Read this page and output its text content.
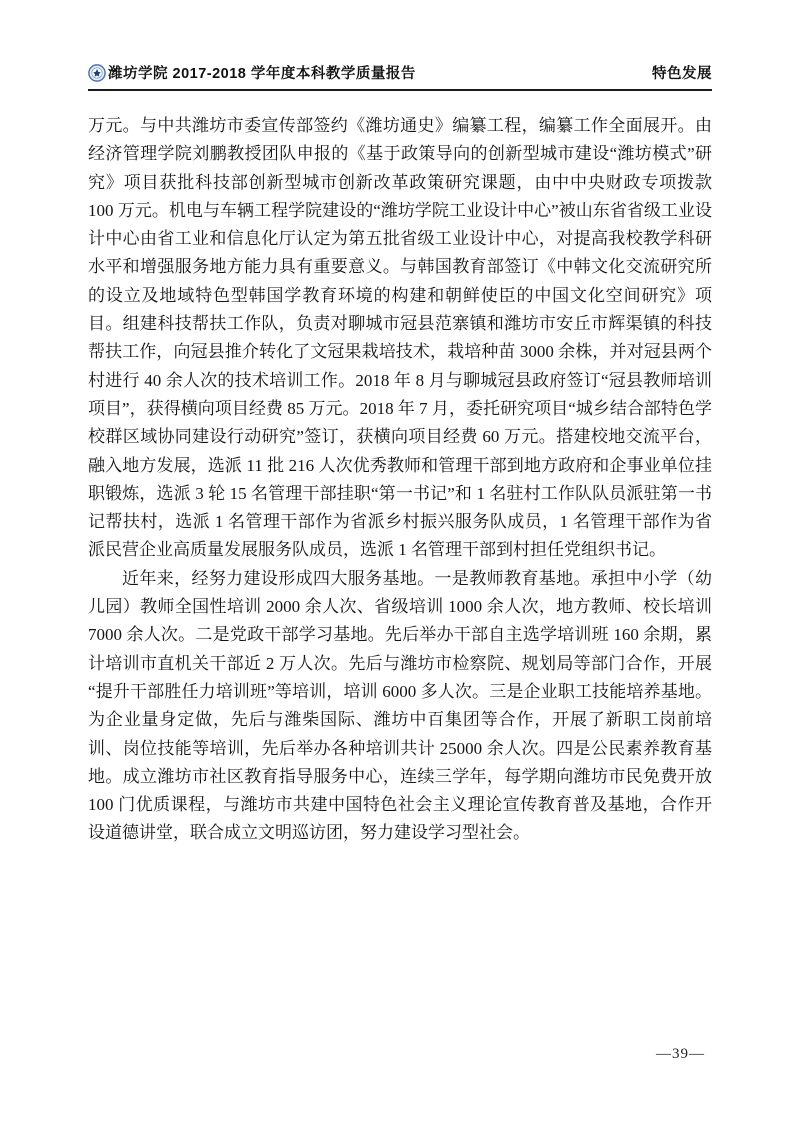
潍坊学院 2017-2018 学年度本科教学质量报告	特色发展

万元。与中共潍坊市委宣传部签约《潍坊通史》编纂工程，编纂工作全面展开。由经济管理学院刘鹏教授团队申报的《基于政策导向的创新型城市建设“潍坊模式”研究》项目获批科技部创新型城市创新改革政策研究课题，由中中央财政专项拨款 100 万元。机电与车辆工程学院建设的“潍坊学院工业设计中心”被山东省省级工业设计中心由省工业和信息化厅认定为第五批省级工业设计中心，对提高我校教学科研水平和增强服务地方能力具有重要意义。与韩国教育部签订《中韩文化交流研究所的设立及地域特色型韩国学教育环境的构建和朝鲜使臣的中国文化空间研究》项目。组建科技帮扶工作队，负责对聊城市冠县范寨镇和潍坊市安丘市辉渠镇的科技帮扶工作，向冠县推介转化了文冠果栽培技术，栽培种苗 3000 余株，并对冠县两个村进行 40 余人次的技术培训工作。2018 年 8 月与聊城冠县政府签订“冠县教师培训项目”，获得横向项目经费 85 万元。2018 年 7 月，委托研究项目“城乡结合部特色学校群区域协同建设行动研究”签订，获横向项目经费 60 万元。搭建校地交流平台，融入地方发展，选派 11 批 216 人次优秀教师和管理干部到地方政府和企事业单位挂职锻炼，选派 3 轮 15 名管理干部挂职“第一书记”和 1 名驻村工作队队员派驻第一书记帮扶村，选派 1 名管理干部作为省派乡村振兴服务队成员，1 名管理干部作为省派民营企业高质量发展服务队成员，选派 1 名管理干部到村担任党组织书记。

近年来，经努力建设形成四大服务基地。一是教师教育基地。承担中小学（幼儿园）教师全国性培训 2000 余人次、省级培训 1000 余人次，地方教师、校长培训 7000 余人次。二是党政干部学习基地。先后举办干部自主选学培训班 160 余期，累计培训市直机关干部近 2 万人次。先后与潍坊市检察院、规划局等部门合作，开展“提升干部胜任力培训班”等培训，培训 6000 多人次。三是企业职工技能培养基地。为企业量身定做，先后与潍柴国际、潍坊中百集团等合作，开展了新职工岗前培训、岗位技能等培训，先后举办各种培训共计 25000 余人次。四是公民素养教育基地。成立潍坊市社区教育指导服务中心，连续三学年，每学期向潍坊市民免费开放 100 门优质课程，与潍坊市共建中国特色社会主义理论宣传教育普及基地，合作开设道德讲堂，联合成立文明巡访团，努力建设学习型社会。

—39—
